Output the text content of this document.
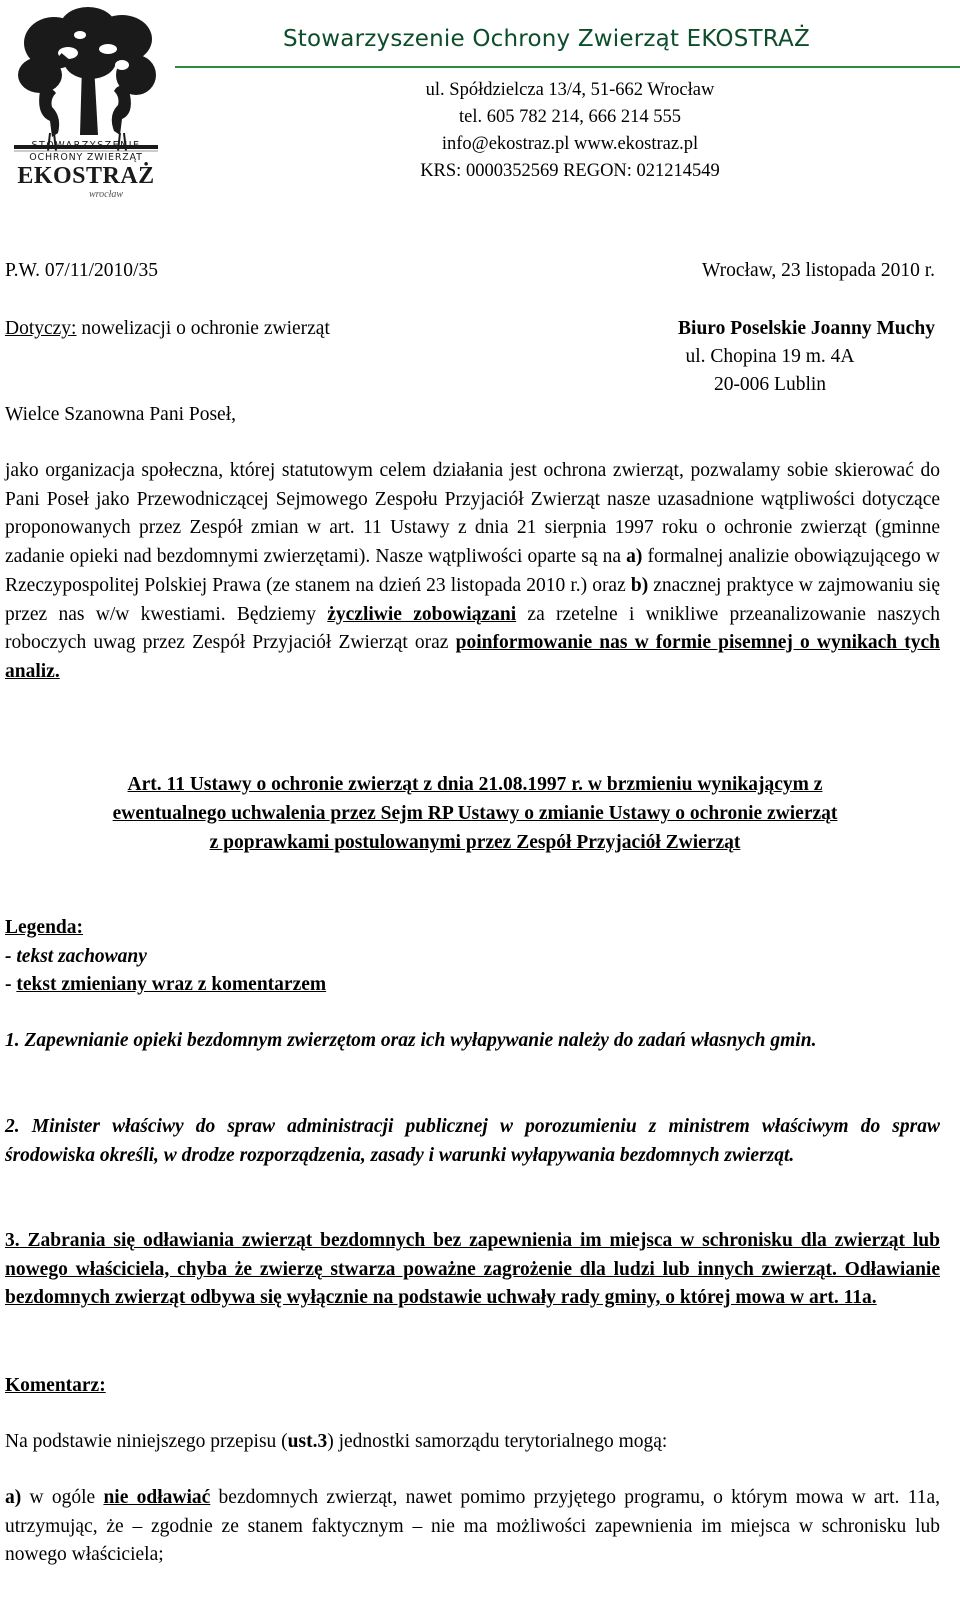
STOWARZYSZENIE
OCHRONY ZWIERZĄT
EKOSTRAŻ
wrocław
Stowarzyszenie Ochrony Zwierząt EKOSTRAŻ
ul. Spółdzielcza 13/4, 51-662 Wrocław
tel. 605 782 214, 666 214 555
info@ekostraz.pl www.ekostraz.pl
KRS: 0000352569 REGON: 021214549
P.W. 07/11/2010/35	Wrocław, 23 listopada 2010 r.
Dotyczy: nowelizacji o ochronie zwierząt	Biuro Poselskie Joanny Muchy
ul. Chopina 19 m. 4A
20-006 Lublin
Wielce Szanowna Pani Poseł,
jako organizacja społeczna, której statutowym celem działania jest ochrona zwierząt, pozwalamy sobie skierować do Pani Poseł jako Przewodniczącej Sejmowego Zespołu Przyjaciół Zwierząt nasze uzasadnione wątpliwości dotyczące proponowanych przez Zespół zmian w art. 11 Ustawy z dnia 21 sierpnia 1997 roku o ochronie zwierząt (gminne zadanie opieki nad bezdomnymi zwierzętami). Nasze wątpliwości oparte są na a) formalnej analizie obowiązującego w Rzeczypospolitej Polskiej Prawa (ze stanem na dzień 23 listopada 2010 r.) oraz b) znacznej praktyce w zajmowaniu się przez nas w/w kwestiami. Będziemy życzliwie zobowiązani za rzetelne i wnikliwe przeanalizowanie naszych roboczych uwag przez Zespół Przyjaciół Zwierząt oraz poinformowanie nas w formie pisemnej o wynikach tych analiz.
Art. 11 Ustawy o ochronie zwierząt z dnia 21.08.1997 r. w brzmieniu wynikającym z
ewentualnego uchwalenia przez Sejm RP Ustawy o zmianie Ustawy o ochronie zwierząt
z poprawkami postulowanymi przez Zespół Przyjaciół Zwierząt
Legenda:
- tekst zachowany
- tekst zmieniany wraz z komentarzem
1. Zapewnianie opieki bezdomnym zwierzętom oraz ich wyłapywanie należy do zadań własnych gmin.
2. Minister właściwy do spraw administracji publicznej w porozumieniu z ministrem właściwym do spraw środowiska określi, w drodze rozporządzenia, zasady i warunki wyłapywania bezdomnych zwierząt.
3. Zabrania się odławiania zwierząt bezdomnych bez zapewnienia im miejsca w schronisku dla zwierząt lub nowego właściciela, chyba że zwierzę stwarza poważne zagrożenie dla ludzi lub innych zwierząt. Odławianie bezdomnych zwierząt odbywa się wyłącznie na podstawie uchwały rady gminy, o której mowa w art. 11a.
Komentarz:
Na podstawie niniejszego przepisu (ust.3) jednostki samorządu terytorialnego mogą:
a) w ogóle nie odławiać bezdomnych zwierząt, nawet pomimo przyjętego programu, o którym mowa w art. 11a, utrzymując, że – zgodnie ze stanem faktycznym – nie ma możliwości zapewnienia im miejsca w schronisku lub nowego właściciela;
